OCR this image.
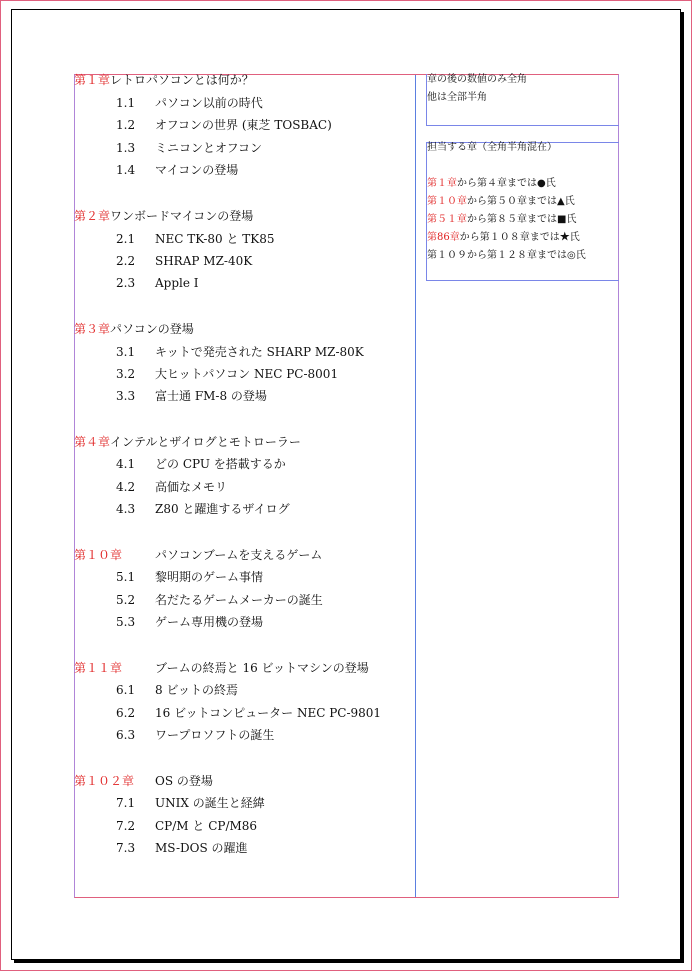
第１章レトロパソコンとは何か？
1.1 パソコン以前の時代
1.2 オフコンの世界 (東芝 TOSBAC)
1.3 ミニコンとオフコン
1.4 マイコンの登場
第２章ワンボードマイコンの登場
2.1 NEC TK-80 と TK85
2.2 SHRAP MZ-40K
2.3 Apple I
第３章パソコンの登場
3.1 キットで発売された SHARP MZ-80K
3.2 大ヒットパソコン NEC PC-8001
3.3 富士通 FM-8 の登場
第４章インテルとザイログとモトローラー
4.1 どの CPU を搭載するか
4.2 高価なメモリ
4.3 Z80 と躍進するザイログ
第１０章	パソコンブームを支えるゲーム
5.1 黎明期のゲーム事情
5.2 名だたるゲームメーカーの誕生
5.3 ゲーム専用機の登場
第１１章	ブームの終焉と 16 ビットマシンの登場
6.1 8 ビットの終焉
6.2 16 ビットコンピューター NEC PC-9801
6.3 ワープロソフトの誕生
第１０２章 OS の登場
7.1 UNIX の誕生と経緯
7.2 CP/M と CP/M86
7.3 MS-DOS の躍進
章の後の数値のみ全角
他は全部半角
担当する章（全角半角混在）
第１章から第４章までは●氏
第１０章から第５０章までは▲氏
第５１章から第８５章までは■氏
第86章から第１０８章までは★氏
第１０９から第１２８章までは◎氏
